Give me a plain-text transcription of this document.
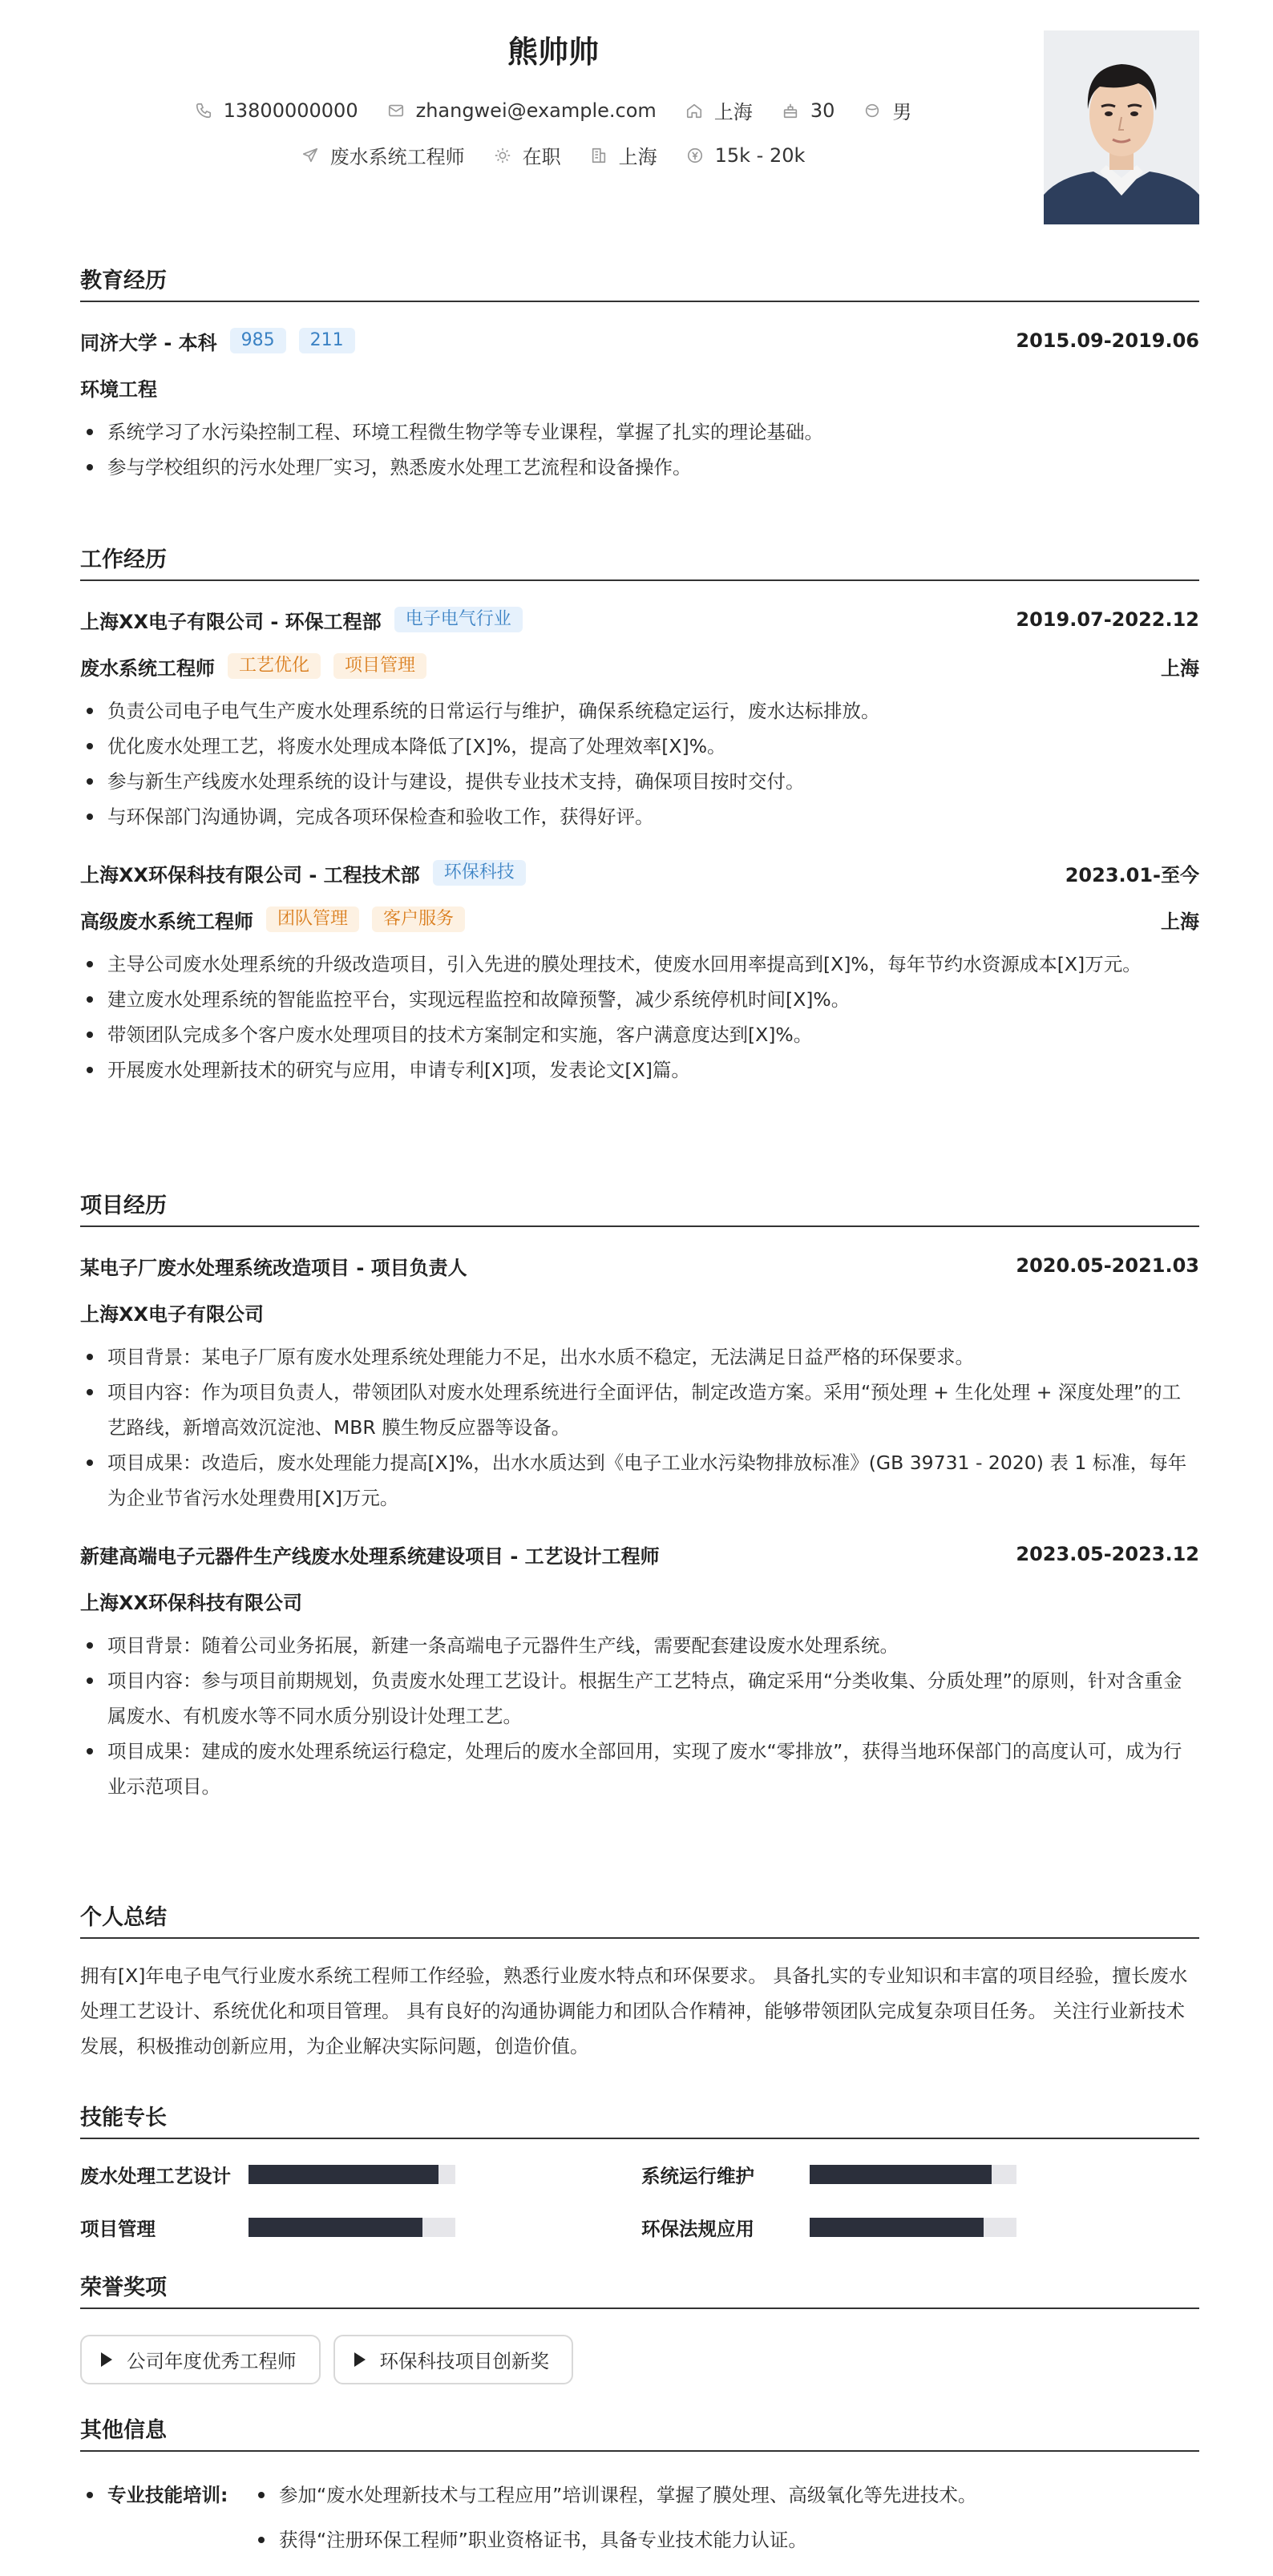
熊帅帅
13800000000	zhangwei@example.com	上海	30	男
废水系统工程师	在职	上海	15k - 20k
教育经历
同济大学 - 本科	985	211	2015.09-2019.06
环境工程
系统学习了水污染控制工程、环境工程微生物学等专业课程，掌握了扎实的理论基础。
参与学校组织的污水处理厂实习，熟悉废水处理工艺流程和设备操作。
工作经历
上海XX电子有限公司 - 环保工程部	电子电气行业	2019.07-2022.12
废水系统工程师	工艺优化	项目管理	上海
负责公司电子电气生产废水处理系统的日常运行与维护，确保系统稳定运行，废水达标排放。
优化废水处理工艺，将废水处理成本降低了[X]%，提高了处理效率[X]%。
参与新生产线废水处理系统的设计与建设，提供专业技术支持，确保项目按时交付。
与环保部门沟通协调，完成各项环保检查和验收工作，获得好评。
上海XX环保科技有限公司 - 工程技术部	环保科技	2023.01-至今
高级废水系统工程师	团队管理	客户服务	上海
主导公司废水处理系统的升级改造项目，引入先进的膜处理技术，使废水回用率提高到[X]%，每年节约水资源成本[X]万元。
建立废水处理系统的智能监控平台，实现远程监控和故障预警，减少系统停机时间[X]%。
带领团队完成多个客户废水处理项目的技术方案制定和实施，客户满意度达到[X]%。
开展废水处理新技术的研究与应用，申请专利[X]项，发表论文[X]篇。
项目经历
某电子厂废水处理系统改造项目 - 项目负责人	2020.05-2021.03
上海XX电子有限公司
项目背景：某电子厂原有废水处理系统处理能力不足，出水水质不稳定，无法满足日益严格的环保要求。
项目内容：作为项目负责人，带领团队对废水处理系统进行全面评估，制定改造方案。采用“预处理 + 生化处理 + 深度处理”的工艺路线，新增高效沉淀池、MBR 膜生物反应器等设备。
项目成果：改造后，废水处理能力提高[X]%，出水水质达到《电子工业水污染物排放标准》(GB 39731 - 2020) 表 1 标准，每年为企业节省污水处理费用[X]万元。
新建高端电子元器件生产线废水处理系统建设项目 - 工艺设计工程师	2023.05-2023.12
上海XX环保科技有限公司
项目背景：随着公司业务拓展，新建一条高端电子元器件生产线，需要配套建设废水处理系统。
项目内容：参与项目前期规划，负责废水处理工艺设计。根据生产工艺特点，确定采用“分类收集、分质处理”的原则，针对含重金属废水、有机废水等不同水质分别设计处理工艺。
项目成果：建成的废水处理系统运行稳定，处理后的废水全部回用，实现了废水“零排放”，获得当地环保部门的高度认可，成为行业示范项目。
个人总结
拥有[X]年电子电气行业废水系统工程师工作经验，熟悉行业废水特点和环保要求。 具备扎实的专业知识和丰富的项目经验，擅长废水处理工艺设计、系统优化和项目管理。 具有良好的沟通协调能力和团队合作精神，能够带领团队完成复杂项目任务。 关注行业新技术发展，积极推动创新应用，为企业解决实际问题，创造价值。
技能专长
废水处理工艺设计	系统运行维护
项目管理	环保法规应用
荣誉奖项
公司年度优秀工程师	环保科技项目创新奖
其他信息
专业技能培训:	参加“废水处理新技术与工程应用”培训课程，掌握了膜处理、高级氧化等先进技术。
获得“注册环保工程师”职业资格证书，具备专业技术能力认证。
